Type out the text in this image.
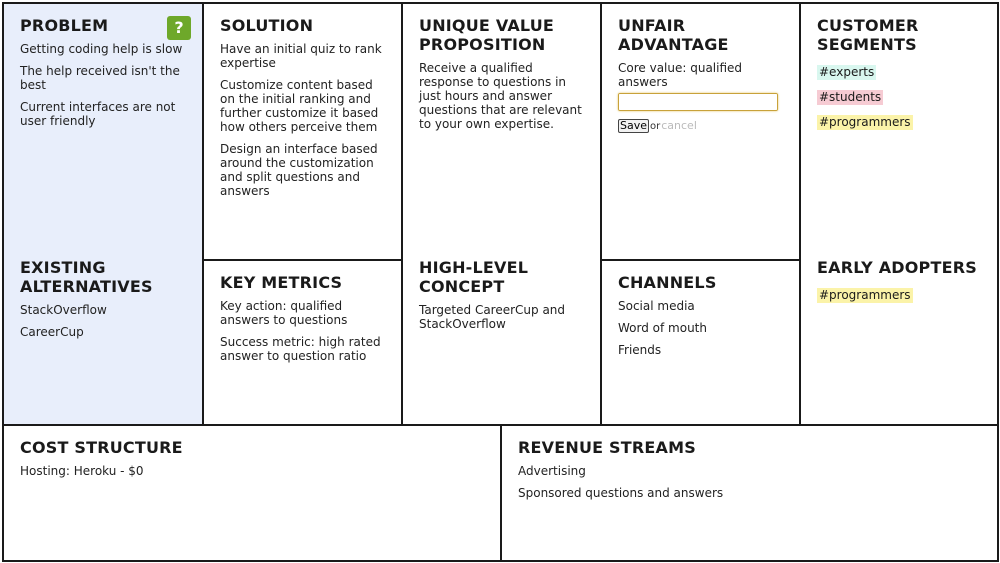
PROBLEM	?
Getting coding help is slow
The help received isn't the best
Current interfaces are not user friendly
EXISTING ALTERNATIVES
StackOverflow
CareerCup
SOLUTION
Have an initial quiz to rank expertise
Customize content based on the initial ranking and further customize it based how others perceive them
Design an interface based around the customization and split questions and answers
KEY METRICS
Key action: qualified answers to questions
Success metric: high rated answer to question ratio
UNIQUE VALUE PROPOSITION
Receive a qualified response to questions in just hours and answer questions that are relevant to your own expertise.
HIGH-LEVEL CONCEPT
Targeted CareerCup and StackOverflow
UNFAIR ADVANTAGE
Core value: qualified answers
Save orcancel
CHANNELS
Social media
Word of mouth
Friends
CUSTOMER SEGMENTS
#experts
#students
#programmers
EARLY ADOPTERS
#programmers
COST STRUCTURE
Hosting: Heroku - $0
REVENUE STREAMS
Advertising
Sponsored questions and answers
